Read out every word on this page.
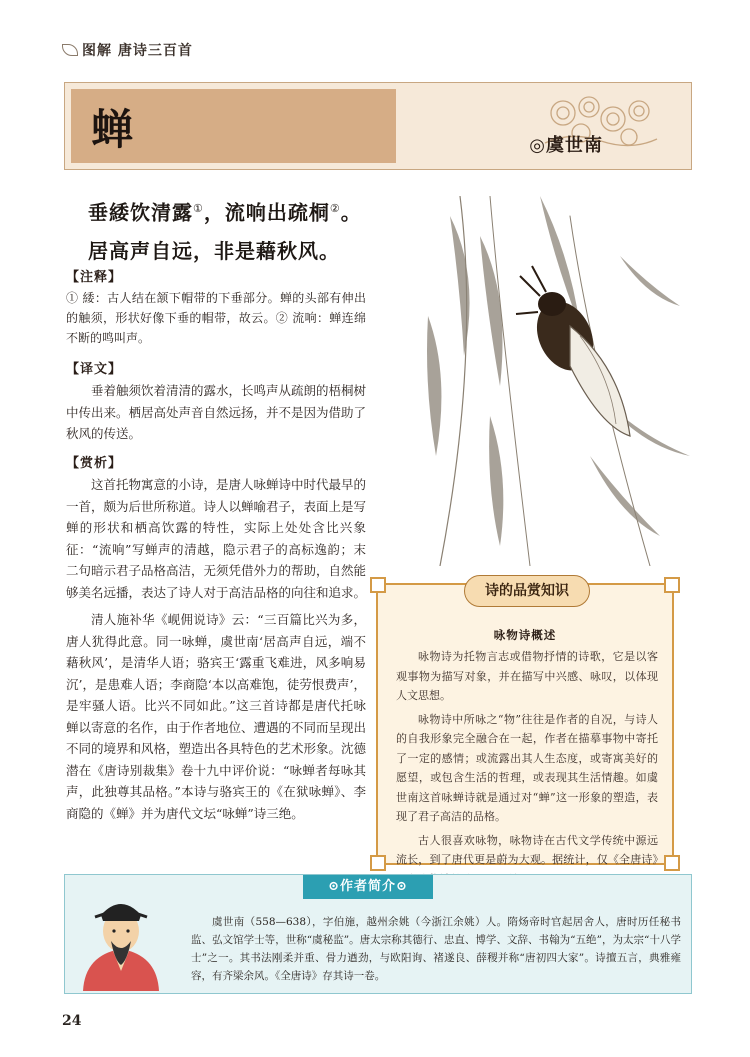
图解 唐诗三百首
蝉	◎虞世南
垂緌饮清露①，流响出疏桐②。
居高声自远，非是藉秋风。
【注释】
① 緌：古人结在颔下帽带的下垂部分。蝉的头部有伸出的触须，形状好像下垂的帽带，故云。② 流响：蝉连绵不断的鸣叫声。
【译文】

垂着触须饮着清清的露水，长鸣声从疏朗的梧桐树中传出来。栖居高处声音自然远扬，并不是因为借助了秋风的传送。

【赏析】

这首托物寓意的小诗，是唐人咏蝉诗中时代最早的一首，颇为后世所称道。诗人以蝉喻君子，表面上是写蝉的形状和栖高饮露的特性，实际上处处含比兴象征：“流响”写蝉声的清越，隐示君子的高标逸韵；末二句暗示君子品格高洁，无须凭借外力的帮助，自然能够美名远播，表达了诗人对于高洁品格的向往和追求。

清人施补华《岘佣说诗》云：“三百篇比兴为多，唐人犹得此意。同一咏蝉，虞世南‘居高声自远，端不藉秋风’，是清华人语；骆宾王‘露重飞难进，风多响易沉’，是患难人语；李商隐‘本以高难饱，徒劳恨费声’，是牢骚人语。比兴不同如此。”这三首诗都是唐代托咏蝉以寄意的名作，由于作者地位、遭遇的不同而呈现出不同的境界和风格，塑造出各具特色的艺术形象。沈德潜在《唐诗别裁集》卷十九中评价说：“咏蝉者每咏其声，此独尊其品格。”本诗与骆宾王的《在狱咏蝉》、李商隐的《蝉》并为唐代文坛“咏蝉”诗三绝。

诗的品赏知识
咏物诗概述

咏物诗为托物言志或借物抒情的诗歌，它是以客观事物为描写对象，并在描写中兴感、咏叹，以体现人文思想。

咏物诗中所咏之“物”往往是作者的自况，与诗人的自我形象完全融合在一起，作者在描摹事物中寄托了一定的感情；或流露出其人生态度，或寄寓美好的愿望，或包含生活的哲理，或表现其生活情趣。如虞世南这首咏蝉诗就是通过对“蝉”这一形象的塑造，表现了君子高洁的品格。

古人很喜欢咏物，咏物诗在古代文学传统中源远流长，到了唐代更是蔚为大观。据统计，仅《全唐诗》

⊙作者简介⊙

虞世南（558—638），字伯施，越州余姚（今浙江余姚）人。隋炀帝时官起居舍人，唐时历任秘书监、弘文馆学士等，世称“虞秘监”。唐太宗称其德行、忠直、博学、文辞、书翰为“五绝”，为太宗“十八学士”之一。其书法刚柔并重、骨力遒劲，与欧阳询、褚遂良、薛稷并称“唐初四大家”。诗擅五言，典雅雍容，有齐梁余风。《全唐诗》存其诗一卷。

24
